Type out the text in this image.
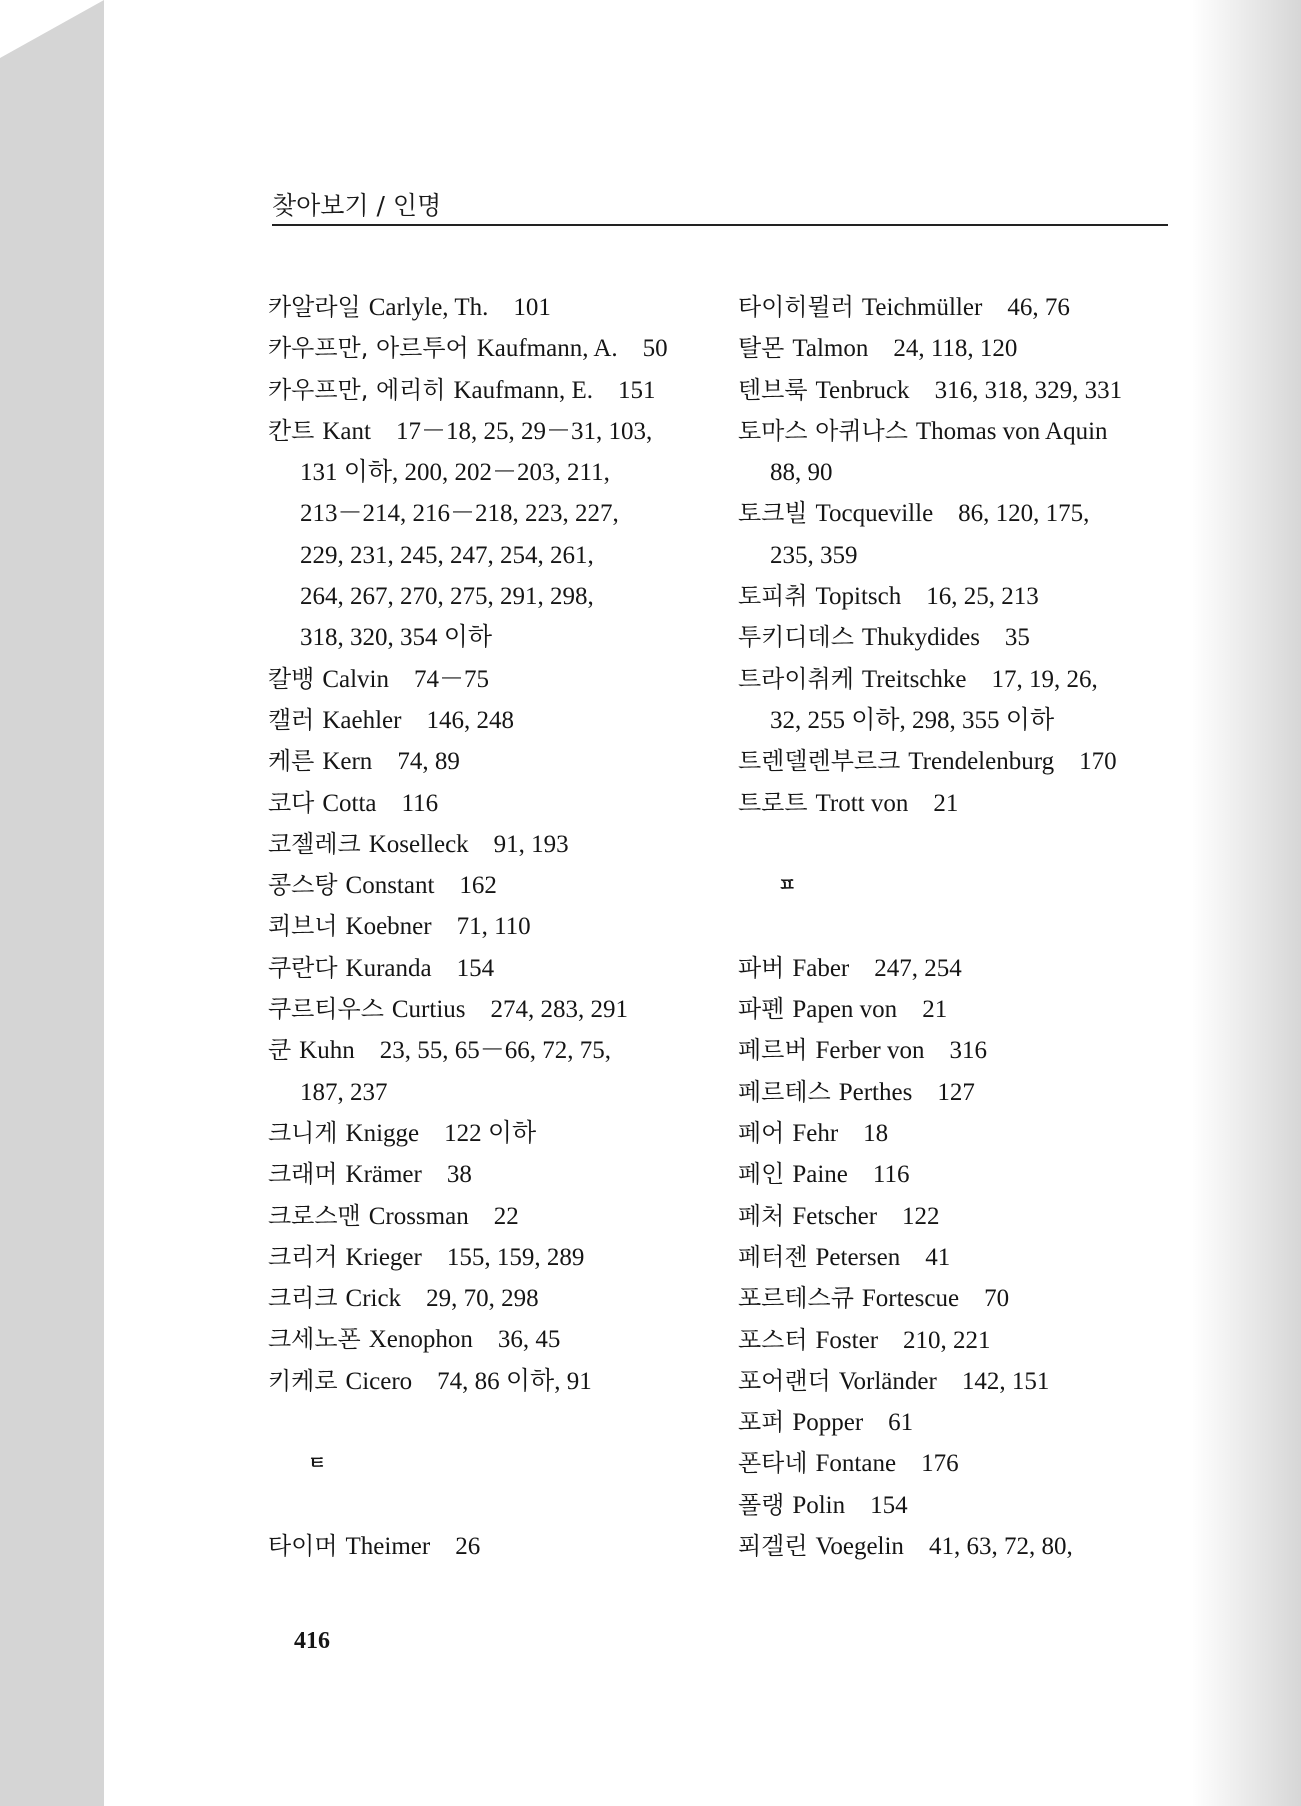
찾아보기 / 인명
카알라일 Carlyle, Th.  101
카우프만, 아르투어 Kaufmann, A.  50
카우프만, 에리히 Kaufmann, E.  151
칸트 Kant  17－18, 25, 29－31, 103,
131 이하, 200, 202－203, 211,
213－214, 216－218, 223, 227,
229, 231, 245, 247, 254, 261,
264, 267, 270, 275, 291, 298,
318, 320, 354 이하
칼뱅 Calvin  74－75
캘러 Kaehler  146, 248
케른 Kern  74, 89
코다 Cotta  116
코젤레크 Koselleck  91, 193
콩스탕 Constant  162
쾨브너 Koebner  71, 110
쿠란다 Kuranda  154
쿠르티우스 Curtius  274, 283, 291
쿤 Kuhn  23, 55, 65－66, 72, 75,
187, 237
크니게 Knigge  122 이하
크래머 Krämer  38
크로스맨 Crossman  22
크리거 Krieger  155, 159, 289
크리크 Crick  29, 70, 298
크세노폰 Xenophon  36, 45
키케로 Cicero  74, 86 이하, 91
ㅌ
타이머 Theimer  26
타이히뮐러 Teichmüller  46, 76
탈몬 Talmon  24, 118, 120
텐브룩 Tenbruck  316, 318, 329, 331
토마스 아퀴나스 Thomas von Aquin 
88, 90
토크빌 Tocqueville  86, 120, 175,
235, 359
토피취 Topitsch  16, 25, 213
투키디데스 Thukydides  35
트라이취케 Treitschke  17, 19, 26,
32, 255 이하, 298, 355 이하
트렌델렌부르크 Trendelenburg  170
트로트 Trott von  21
ㅍ
파버 Faber  247, 254
파펜 Papen von  21
페르버 Ferber von  316
페르테스 Perthes  127
페어 Fehr  18
페인 Paine  116
페처 Fetscher  122
페터젠 Petersen  41
포르테스큐 Fortescue  70
포스터 Foster  210, 221
포어랜더 Vorländer  142, 151
포퍼 Popper  61
폰타네 Fontane  176
폴랭 Polin  154
푀겔린 Voegelin  41, 63, 72, 80,
416
